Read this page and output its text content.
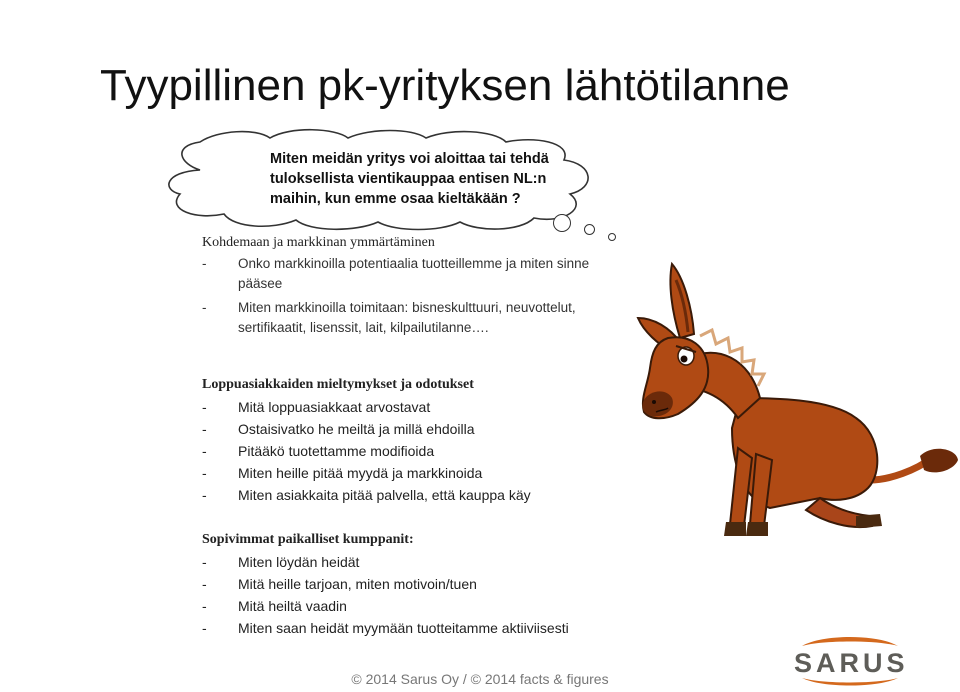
Tyypillinen pk-yrityksen lähtötilanne
Miten meidän yritys voi aloittaa tai tehdä tuloksellista vientikauppaa entisen NL:n maihin, kun emme osaa kieltäkään ?
Kohdemaan ja markkinan ymmärtäminen
- Onko markkinoilla potentiaalia tuotteillemme ja miten sinne pääsee
- Miten markkinoilla toimitaan: bisneskulttuuri, neuvottelut, sertifikaatit, lisenssit, lait, kilpailutilanne….
Loppuasiakkaiden mieltymykset ja odotukset
- Mitä loppuasiakkaat arvostavat
- Ostaisivatko he meiltä ja millä ehdoilla
- Pitääkö tuotettamme modifioida
- Miten heille pitää myydä ja markkinoida
- Miten asiakkaita pitää palvella, että kauppa käy
Sopivimmat paikalliset kumppanit:
- Miten löydän heidät
- Mitä heille tarjoan, miten motivoin/tuen
- Mitä heiltä vaadin
- Miten saan heidät myymään tuotteitamme aktiiviisesti
SARUS
© 2014 Sarus Oy / © 2014 facts & figures
